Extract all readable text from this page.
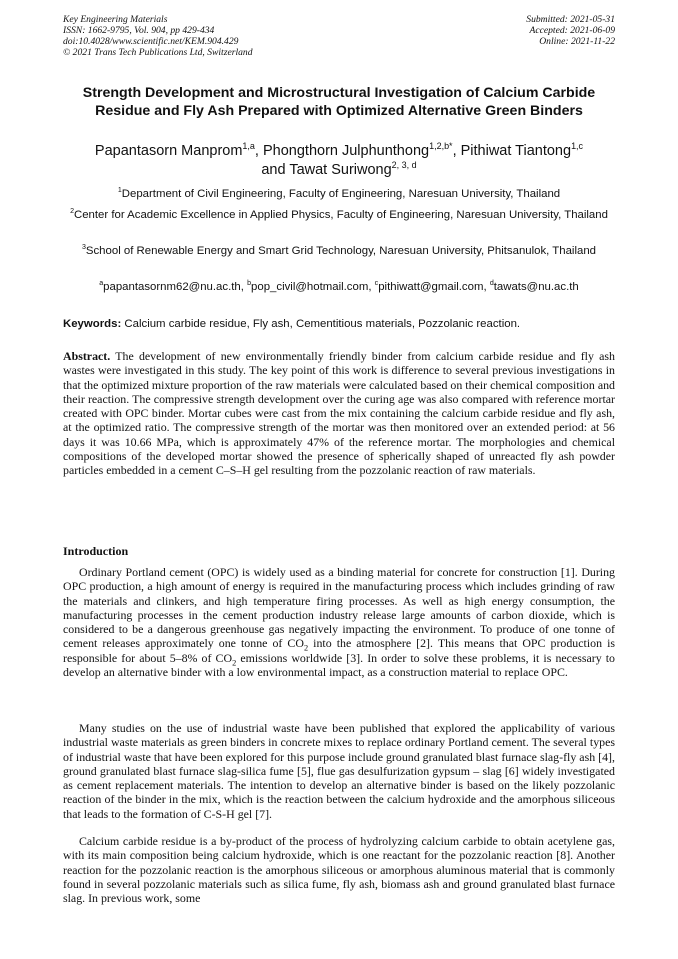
Key Engineering Materials
ISSN: 1662-9795, Vol. 904, pp 429-434
doi:10.4028/www.scientific.net/KEM.904.429
© 2021 Trans Tech Publications Ltd, Switzerland
Submitted: 2021-05-31
Accepted: 2021-06-09
Online: 2021-11-22
Strength Development and Microstructural Investigation of Calcium Carbide Residue and Fly Ash Prepared with Optimized Alternative Green Binders
Papantasorn Manprom$^{1,a}$, Phongthorn Julphunthong$^{1,2,b*}$, Pithiwat Tiantong$^{1,c}$
and Tawat Suriwong$^{2, 3, d}$
$^1$Department of Civil Engineering, Faculty of Engineering, Naresuan University, Thailand
$^2$Center for Academic Excellence in Applied Physics, Faculty of Engineering, Naresuan University, Thailand
$^3$School of Renewable Energy and Smart Grid Technology, Naresuan University, Phitsanulok, Thailand
$^a$papantasornm62@nu.ac.th, $^b$pop_civil@hotmail.com, $^c$pithiwatt@gmail.com, $^d$tawats@nu.ac.th
Keywords: Calcium carbide residue, Fly ash, Cementitious materials, Pozzolanic reaction.

Abstract. The development of new environmentally friendly binder from calcium carbide residue and fly ash wastes were investigated in this study. The key point of this work is difference to several previous investigations in that the optimized mixture proportion of the raw materials were calculated based on their chemical composition and their reaction. The compressive strength development over the curing age was also compared with reference mortar created with OPC binder. Mortar cubes were cast from the mix containing the calcium carbide residue and fly ash, at the optimized ratio. The compressive strength of the mortar was then monitored over an extended period: at 56 days it was 10.66 MPa, which is approximately 47% of the reference mortar. The morphologies and chemical compositions of the developed mortar showed the presence of spherically shaped of unreacted fly ash powder particles embedded in a cement C–S–H gel resulting from the pozzolanic reaction of raw materials.

Introduction

Ordinary Portland cement (OPC) is widely used as a binding material for concrete for construction [1]. During OPC production, a high amount of energy is required in the manufacturing process which includes grinding of raw the materials and clinkers, and high temperature firing processes. As well as high energy consumption, the manufacturing processes in the cement production industry release large amounts of carbon dioxide, which is considered to be a dangerous greenhouse gas negatively impacting the environment. To produce of one tonne of cement releases approximately one tonne of $CO_2$ into the atmosphere [2]. This means that OPC production is responsible for about 5–8% of $CO_2$ emissions worldwide [3]. In order to solve these problems, it is necessary to develop an alternative binder with a low environmental impact, as a construction material to replace OPC.

Many studies on the use of industrial waste have been published that explored the applicability of various industrial waste materials as green binders in concrete mixes to replace ordinary Portland cement. The several types of industrial waste that have been explored for this purpose include ground granulated blast furnace slag-fly ash [4], ground granulated blast furnace slag-silica fume [5], flue gas desulfurization gypsum – slag [6] widely investigated as cement replacement materials. The intention to develop an alternative binder is based on the likely pozzolanic reaction of the binder in the mix, which is the reaction between the calcium hydroxide and the amorphous siliceous that leads to the formation of C-S-H gel [7].

Calcium carbide residue is a by-product of the process of hydrolyzing calcium carbide to obtain acetylene gas, with its main composition being calcium hydroxide, which is one reactant for the pozzolanic reaction [8]. Another reaction for the pozzolanic reaction is the amorphous siliceous or amorphous aluminous material that is commonly found in several pozzolanic materials such as silica fume, fly ash, biomass ash and ground granulated blast furnace slag. In previous work, some
